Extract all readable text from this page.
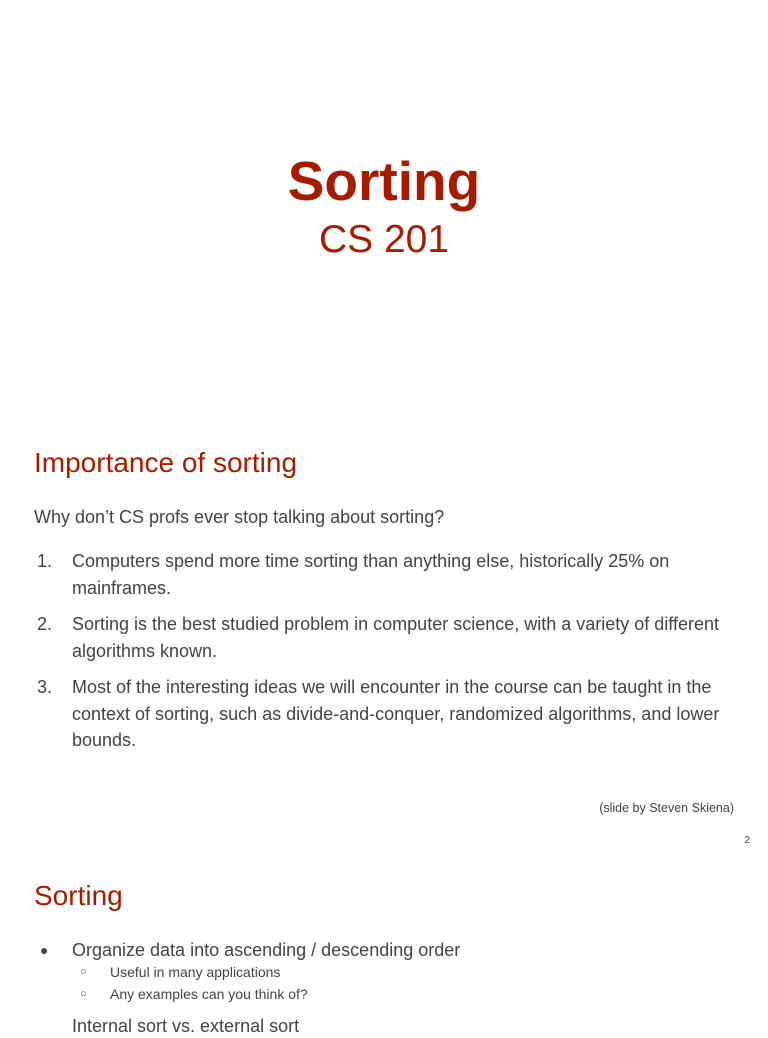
Sorting
CS 201
Importance of sorting
Why don’t CS profs ever stop talking about sorting?
1. Computers spend more time sorting than anything else, historically 25% on mainframes.
2. Sorting is the best studied problem in computer science, with a variety of different algorithms known.
3. Most of the interesting ideas we will encounter in the course can be taught in the context of sorting, such as divide-and-conquer, randomized algorithms, and lower bounds.
(slide by Steven Skiena)
2
Sorting
● Organize data into ascending / descending order
○ Useful in many applications
○ Any examples can you think of?
Internal sort vs. external sort
